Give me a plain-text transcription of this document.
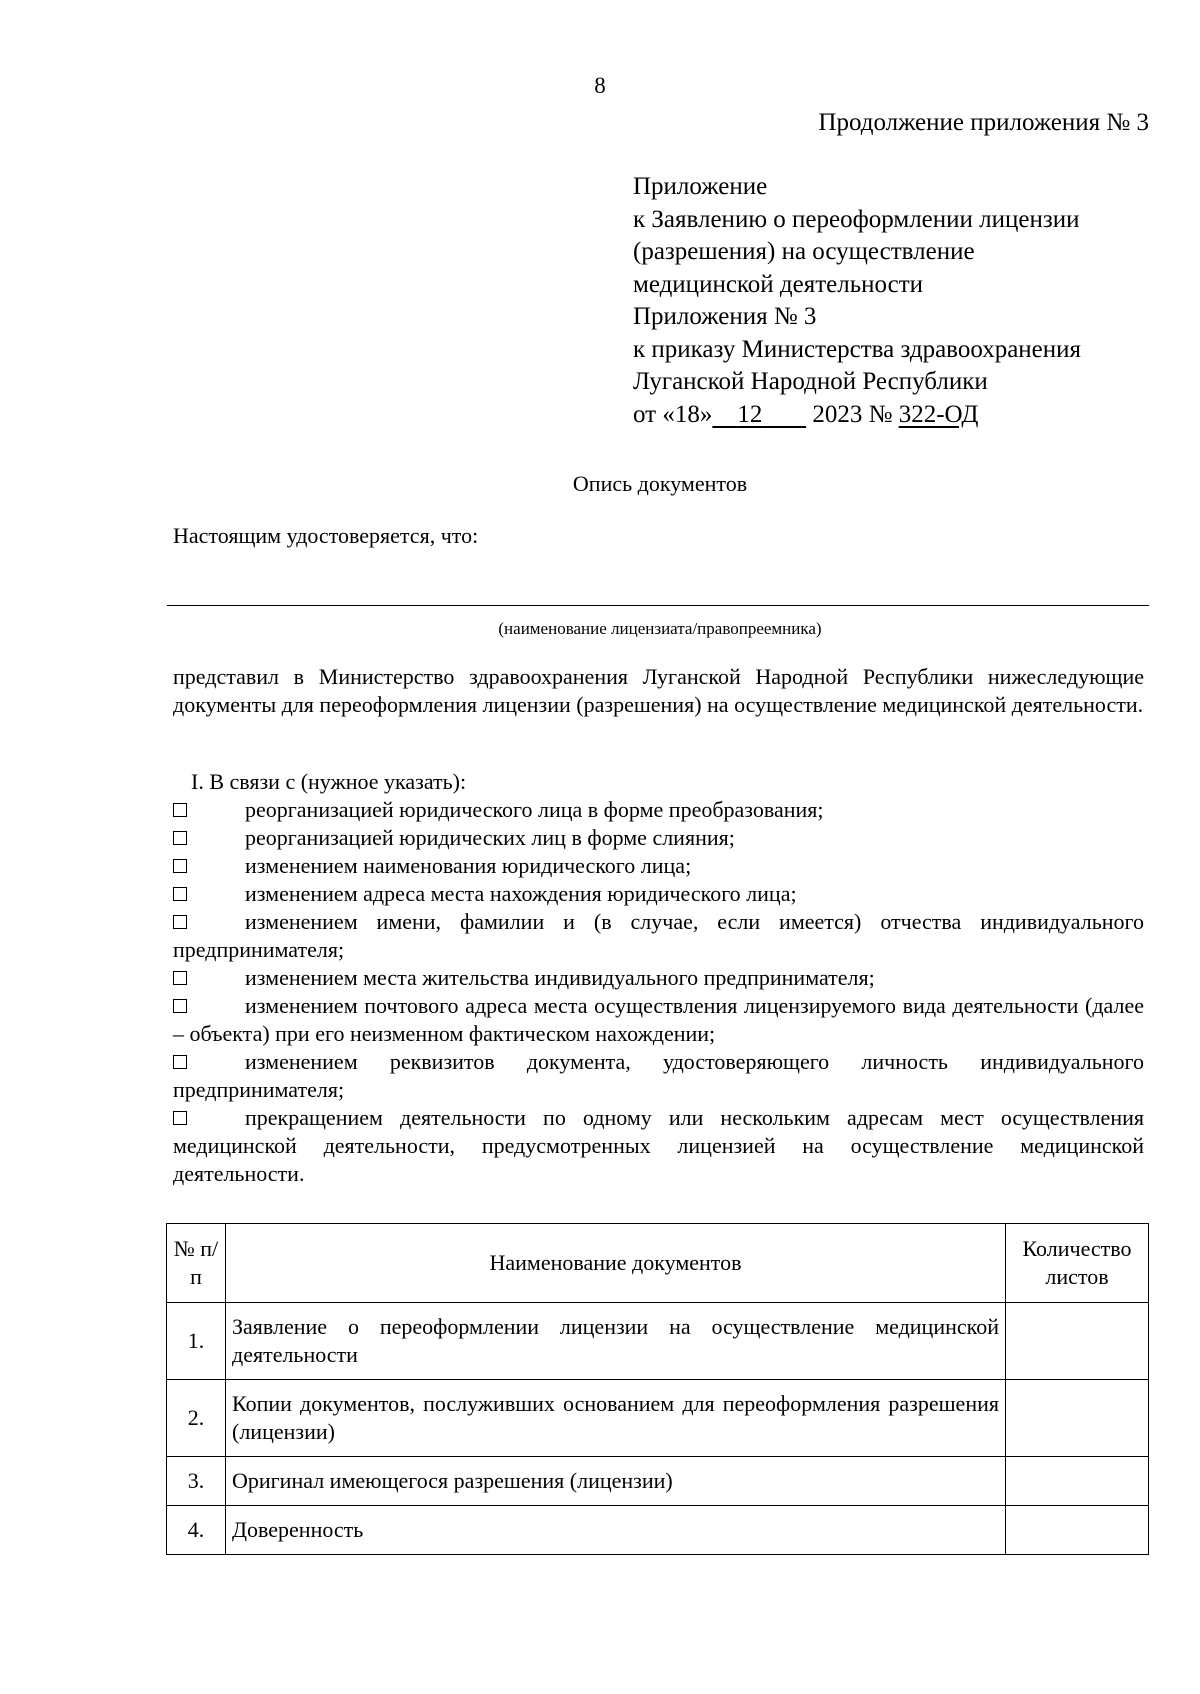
8
Продолжение приложения № 3
Приложение
к Заявлению о переоформлении лицензии
(разрешения) на осуществление
медицинской деятельности
Приложения № 3
к приказу Министерства здравоохранения
Луганской Народной Республики
от «18» 12 2023 № 322-ОД
Опись документов
Настоящим удостоверяется, что:
(наименование лицензиата/правопреемника)
представил в Министерство здравоохранения Луганской Народной Республики нижеследующие документы для переоформления лицензии (разрешения) на осуществление медицинской деятельности.
I. В связи с (нужное указать):
реорганизацией юридического лица в форме преобразования;
реорганизацией юридических лиц в форме слияния;
изменением наименования юридического лица;
изменением адреса места нахождения юридического лица;
изменением имени, фамилии и (в случае, если имеется) отчества индивидуального предпринимателя;
изменением места жительства индивидуального предпринимателя;
изменением почтового адреса места осуществления лицензируемого вида деятельности (далее – объекта) при его неизменном фактическом нахождении;
изменением реквизитов документа, удостоверяющего личность индивидуального предпринимателя;
прекращением деятельности по одному или нескольким адресам мест осуществления медицинской деятельности, предусмотренных лицензией на осуществление медицинской деятельности.
№ п/п	Наименование документов	Количество листов
1.	Заявление о переоформлении лицензии на осуществление медицинской деятельности	
2.	Копии документов, послуживших основанием для переоформления разрешения (лицензии)	
3.	Оригинал имеющегося разрешения (лицензии)	
4.	Доверенность	
